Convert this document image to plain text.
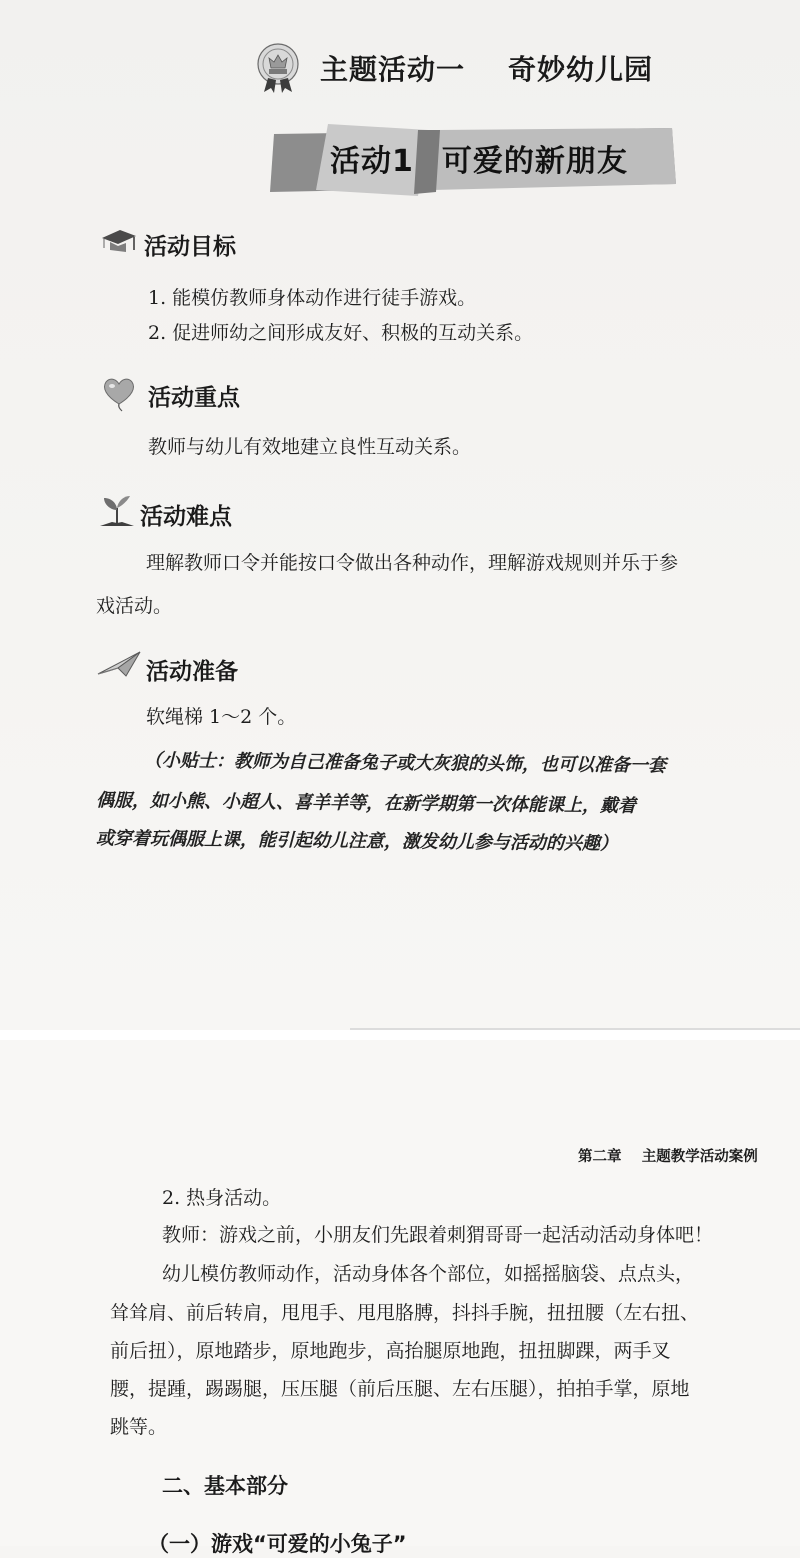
主题活动一    奇妙幼儿园
活动1 可爱的新朋友
活动目标
1. 能模仿教师身体动作进行徒手游戏。
2. 促进师幼之间形成友好、积极的互动关系。
活动重点
教师与幼儿有效地建立良性互动关系。
活动难点
理解教师口令并能按口令做出各种动作，理解游戏规则并乐于参
戏活动。
活动准备
软绳梯 1～2 个。
（小贴士：教师为自己准备兔子或大灰狼的头饰，也可以准备一套
偶服，如小熊、小超人、喜羊羊等，在新学期第一次体能课上，戴着
或穿着玩偶服上课，能引起幼儿注意，激发幼儿参与活动的兴趣）
第二章    主题教学活动案例
2. 热身活动。
教师：游戏之前，小朋友们先跟着刺猬哥哥一起活动活动身体吧！
幼儿模仿教师动作，活动身体各个部位，如摇摇脑袋、点点头，
耸耸肩、前后转肩，甩甩手、甩甩胳膊，抖抖手腕，扭扭腰（左右扭、
前后扭），原地踏步，原地跑步，高抬腿原地跑，扭扭脚踝，两手叉
腰，提踵，踢踢腿，压压腿（前后压腿、左右压腿），拍拍手掌，原地
跳等。
二、基本部分
（一）游戏“可爱的小兔子”
